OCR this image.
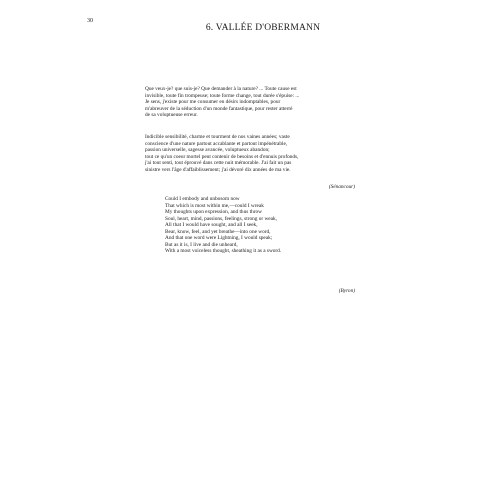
30
6. VALLÉE D'OBERMANN
Que veux-je? que suis-je? Que demander à la nature? ... Toute cause est
invisible, toute fin trompeuse; toute forme change, tout durée s'épuise: ...
Je sens, j'existe pour me consumer en désirs indomptables, pour
m'abreuver de la séduction d'un monde fantastique, pour rester atterré
de sa voluptueuse erreur.
Indicible sensibilité, charme et tourment de nos vaines années; vaste
conscience d'une nature partout accablante et partout impénétrable,
passion universelle, sagesse avancée, voluptueux abandon;
tout ce qu'un coeur mortel peut contenir de besoins et d'ennuis profonds,
j'ai tout senti, tout éprouvé dans cette nuit mémorable. J'ai fait un pas
sinistre vers l'âge d'affaiblissement; j'ai dévoré dix années de ma vie.
(Sénancour)
Could I embody and unbosom now
That which is most within me,—could I wreak
My thoughts upon expression, and thus throw
Soul, heart, mind, passions, feelings, strong or weak,
All that I would have sought, and all I seek,
Bear, know, feel, and yet breathe—into one word,
And that one word were Lightning, I would speak;
But as it is, I live and die unheard,
With a most voiceless thought, sheathing it as a sword.
(Byron)
